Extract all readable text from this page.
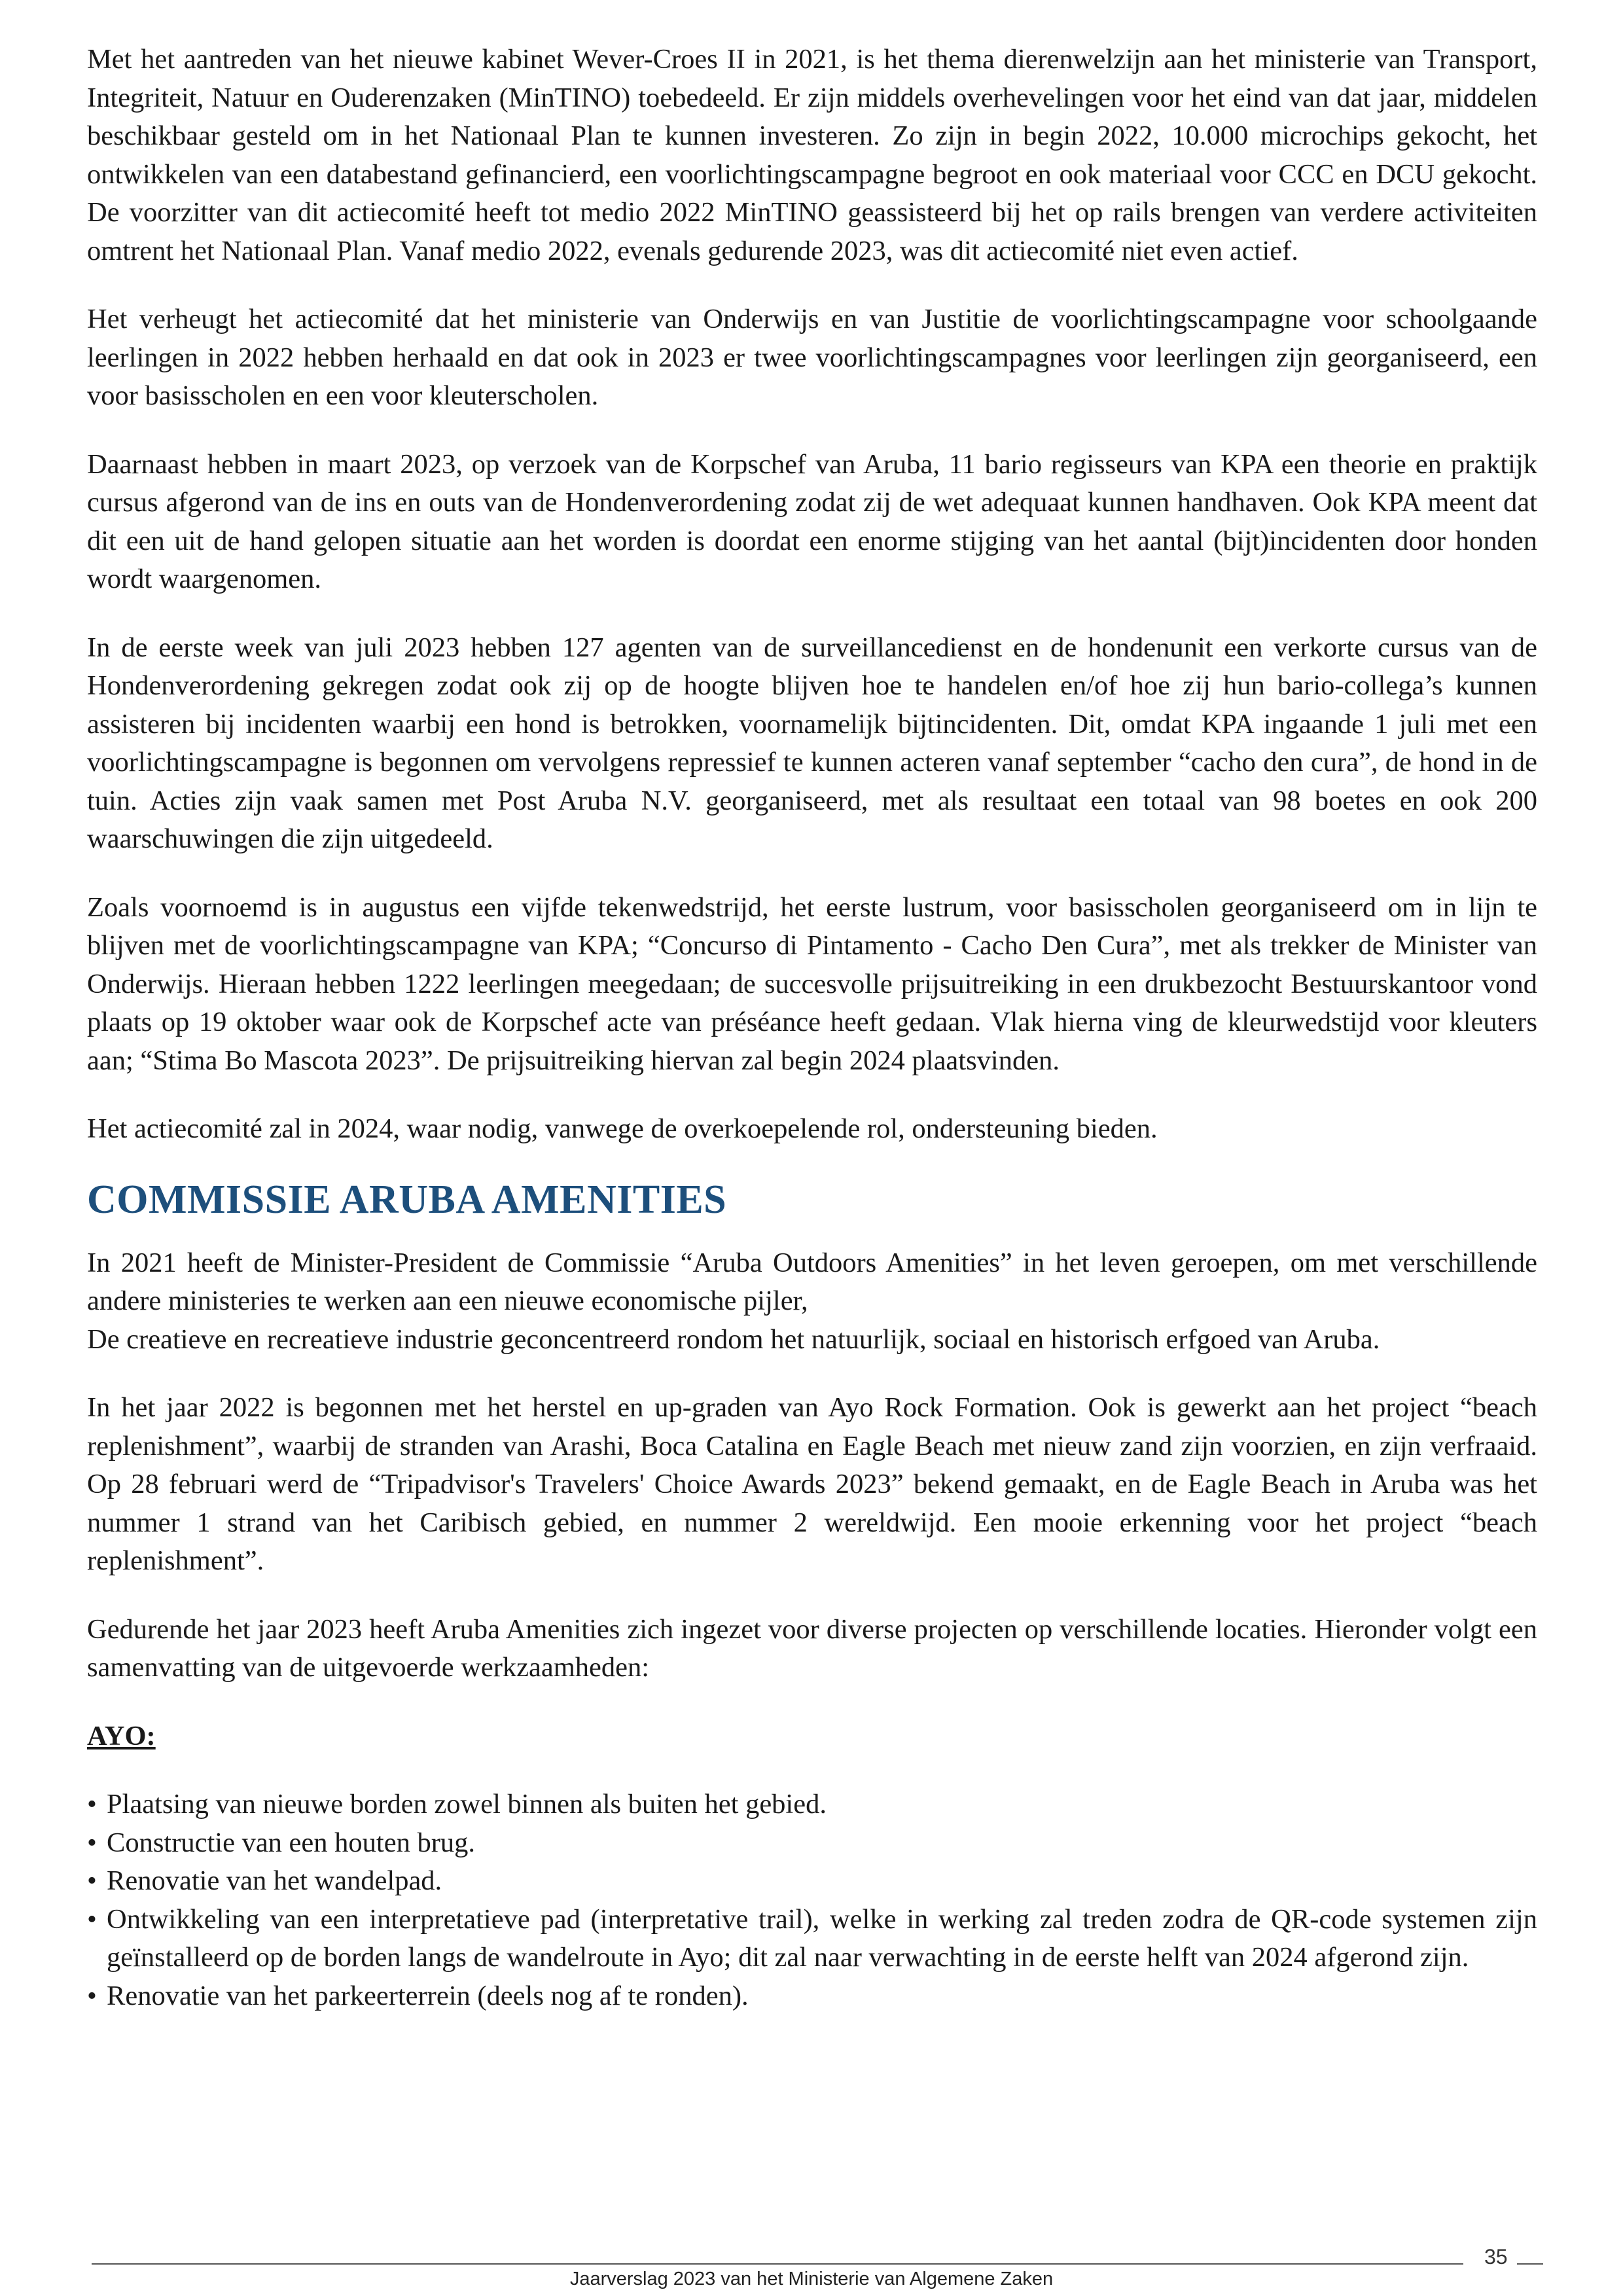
Met het aantreden van het nieuwe kabinet Wever-Croes II in 2021, is het thema dierenwelzijn aan het ministerie van Transport, Integriteit, Natuur en Ouderenzaken (MinTINO) toebedeeld. Er zijn middels overhevelingen voor het eind van dat jaar, middelen beschikbaar gesteld om in het Nationaal Plan te kunnen investeren. Zo zijn in begin 2022, 10.000 microchips gekocht, het ontwikkelen van een databestand gefinancierd, een voorlichtingscampagne begroot en ook materiaal voor CCC en DCU gekocht. De voorzitter van dit actiecomité heeft tot medio 2022 MinTINO geassisteerd bij het op rails brengen van verdere activiteiten omtrent het Nationaal Plan. Vanaf medio 2022, evenals gedurende 2023, was dit actiecomité niet even actief.

Het verheugt het actiecomité dat het ministerie van Onderwijs en van Justitie de voorlichtingscampagne voor schoolgaande leerlingen in 2022 hebben herhaald en dat ook in 2023 er twee voorlichtingscampagnes voor leerlingen zijn georganiseerd, een voor basisscholen en een voor kleuterscholen.

Daarnaast hebben in maart 2023, op verzoek van de Korpschef van Aruba, 11 bario regisseurs van KPA een theorie en praktijk cursus afgerond van de ins en outs van de Hondenverordening zodat zij de wet adequaat kunnen handhaven. Ook KPA meent dat dit een uit de hand gelopen situatie aan het worden is doordat een enorme stijging van het aantal (bijt)incidenten door honden wordt waargenomen.

In de eerste week van juli 2023 hebben 127 agenten van de surveillancedienst en de hondenunit een verkorte cursus van de Hondenverordening gekregen zodat ook zij op de hoogte blijven hoe te handelen en/of hoe zij hun bario-collega’s kunnen assisteren bij incidenten waarbij een hond is betrokken, voornamelijk bijtincidenten. Dit, omdat KPA ingaande 1 juli met een voorlichtingscampagne is begonnen om vervolgens repressief te kunnen acteren vanaf september “cacho den cura”, de hond in de tuin. Acties zijn vaak samen met Post Aruba N.V. georganiseerd, met als resultaat een totaal van 98 boetes en ook 200 waarschuwingen die zijn uitgedeeld.

Zoals voornoemd is in augustus een vijfde tekenwedstrijd, het eerste lustrum, voor basisscholen georganiseerd om in lijn te blijven met de voorlichtingscampagne van KPA; “Concurso di Pintamento - Cacho Den Cura”, met als trekker de Minister van Onderwijs. Hieraan hebben 1222 leerlingen meegedaan; de succesvolle prijsuitreiking in een drukbezocht Bestuurskantoor vond plaats op 19 oktober waar ook de Korpschef acte van préséance heeft gedaan. Vlak hierna ving de kleurwedstijd voor kleuters aan; “Stima Bo Mascota 2023”. De prijsuitreiking hiervan zal begin 2024 plaatsvinden.

Het actiecomité zal in 2024, waar nodig, vanwege de overkoepelende rol, ondersteuning bieden.

COMMISSIE ARUBA AMENITIES

In 2021 heeft de Minister-President de Commissie “Aruba Outdoors Amenities” in het leven geroepen, om met verschillende andere ministeries te werken aan een nieuwe economische pijler,
De creatieve en recreatieve industrie geconcentreerd rondom het natuurlijk, sociaal en historisch erfgoed van Aruba.

In het jaar 2022 is begonnen met het herstel en up-graden van Ayo Rock Formation. Ook is gewerkt aan het project “beach replenishment”, waarbij de stranden van Arashi, Boca Catalina en Eagle Beach met nieuw zand zijn voorzien, en zijn verfraaid. Op 28 februari werd de “Tripadvisor's Travelers' Choice Awards 2023” bekend gemaakt, en de Eagle Beach in Aruba was het nummer 1 strand van het Caribisch gebied, en nummer 2 wereldwijd. Een mooie erkenning voor het project “beach replenishment”.

Gedurende het jaar 2023 heeft Aruba Amenities zich ingezet voor diverse projecten op verschillende locaties. Hieronder volgt een samenvatting van de uitgevoerde werkzaamheden:

AYO:
• Plaatsing van nieuwe borden zowel binnen als buiten het gebied.
• Constructie van een houten brug.
• Renovatie van het wandelpad.
• Ontwikkeling van een interpretatieve pad (interpretative trail), welke in werking zal treden zodra de QR-code systemen zijn geïnstalleerd op de borden langs de wandelroute in Ayo; dit zal naar verwachting in de eerste helft van 2024 afgerond zijn.
• Renovatie van het parkeerterrein (deels nog af te ronden).
35
Jaarverslag 2023 van het Ministerie van Algemene Zaken
